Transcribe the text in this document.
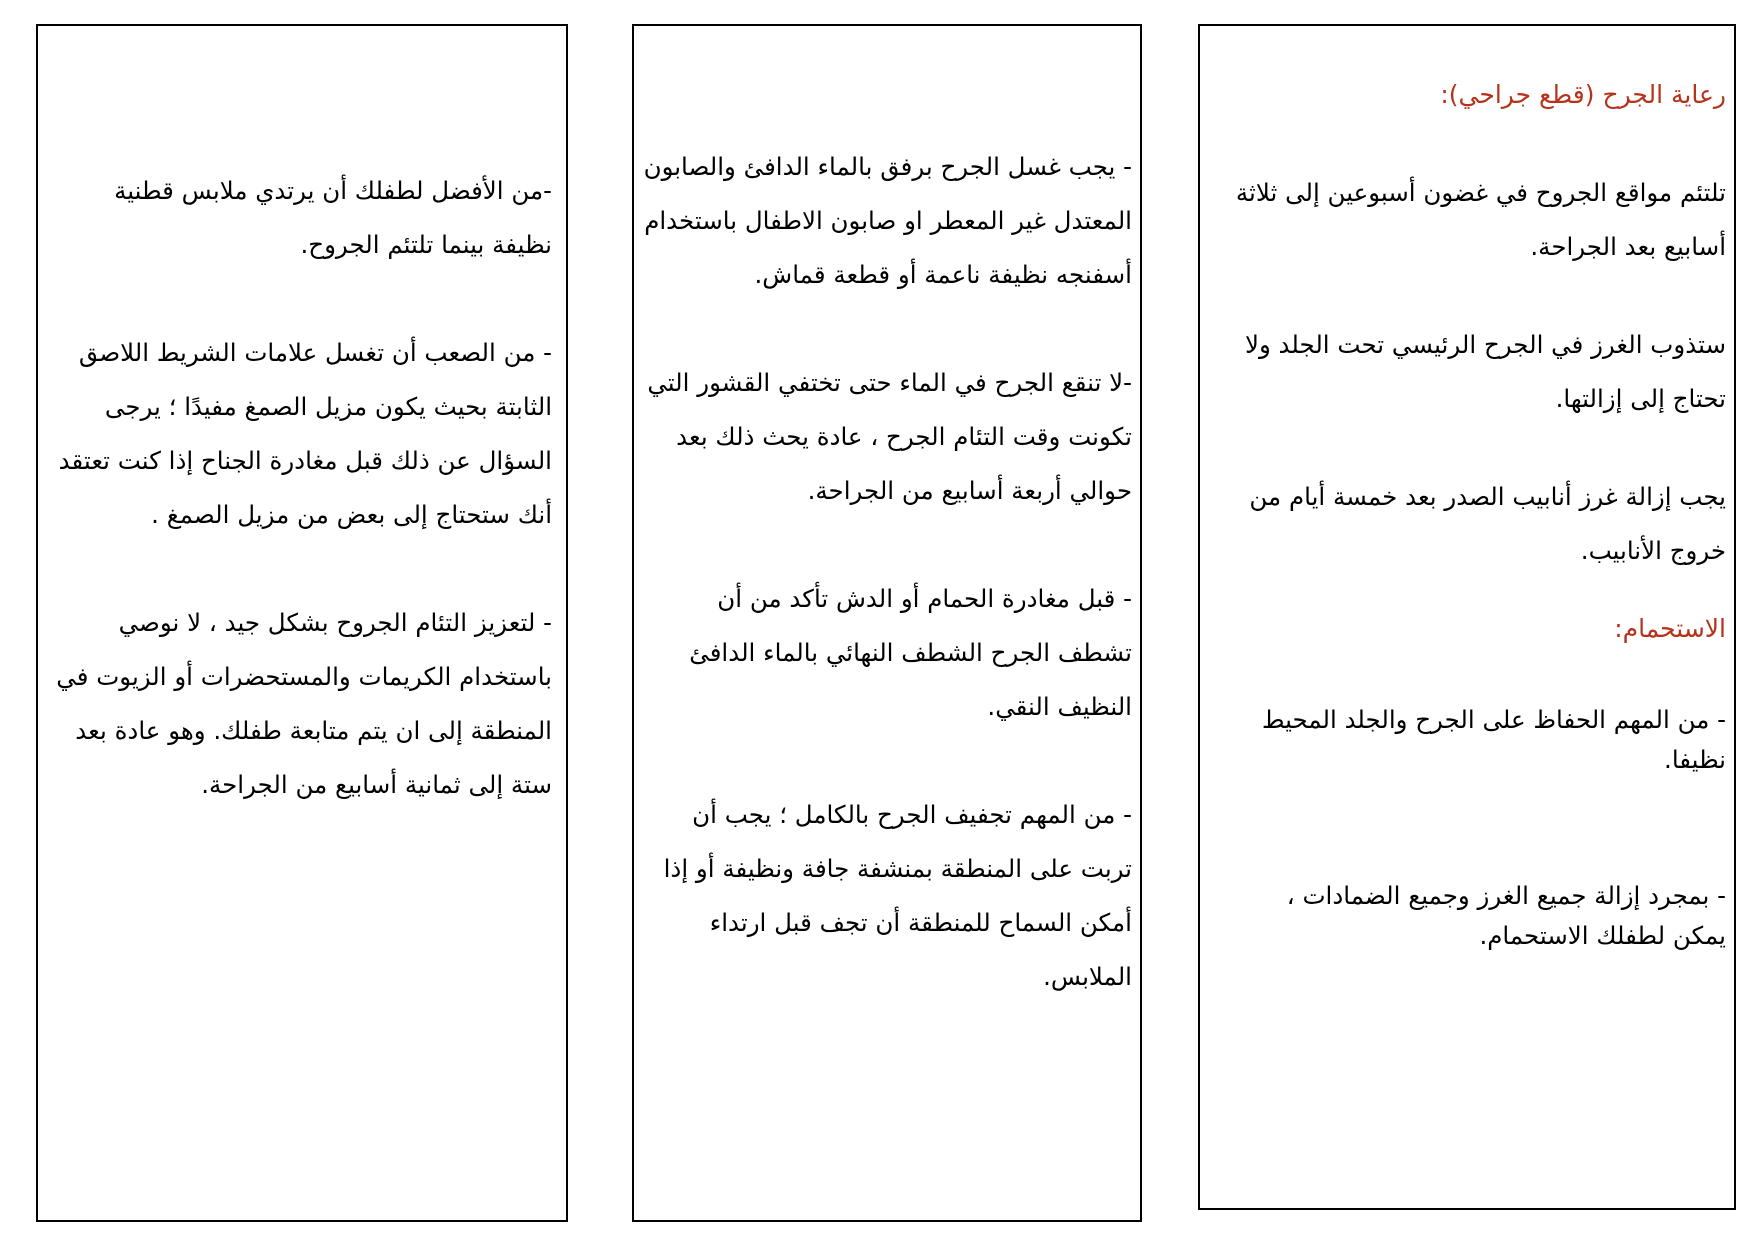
-من الأفضل لطفلك أن يرتدي ملابس قطنية نظيفة بينما تلتئم الجروح.

- من الصعب أن تغسل علامات الشريط اللاصق الثابتة بحيث يكون مزيل الصمغ مفيدًا ؛ يرجى السؤال عن ذلك قبل مغادرة الجناح إذا كنت تعتقد أنك ستحتاج إلى بعض من مزيل الصمغ .

- لتعزيز التئام الجروح بشكل جيد ، لا نوصي باستخدام الكريمات والمستحضرات أو الزيوت في المنطقة إلى ان يتم متابعة طفلك. وهو عادة بعد ستة إلى ثمانية أسابيع من الجراحة.

- يجب غسل الجرح برفق بالماء الدافئ والصابون المعتدل غير المعطر او صابون الاطفال باستخدام أسفنجه نظيفة ناعمة أو قطعة قماش.

-لا تنقع الجرح في الماء حتى تختفي القشور التي تكونت وقت التئام الجرح ، عادة يحث ذلك بعد حوالي أربعة أسابيع من الجراحة.

- قبل مغادرة الحمام أو الدش تأكد من أن تشطف الجرح الشطف النهائي بالماء الدافئ النظيف النقي.

- من المهم تجفيف الجرح بالكامل ؛ يجب أن تربت على المنطقة بمنشفة جافة ونظيفة أو إذا أمكن السماح للمنطقة أن تجف قبل ارتداء الملابس.

رعاية الجرح (قطع جراحي):

تلتئم مواقع الجروح في غضون أسبوعين إلى ثلاثة أسابيع بعد الجراحة.

ستذوب الغرز في الجرح الرئيسي تحت الجلد ولا تحتاج إلى إزالتها.

يجب إزالة غرز أنابيب الصدر بعد خمسة أيام من خروج الأنابيب.

الاستحمام:

- من المهم الحفاظ على الجرح والجلد المحيط نظيفا.

- بمجرد إزالة جميع الغرز وجميع الضمادات ، يمكن لطفلك الاستحمام.
